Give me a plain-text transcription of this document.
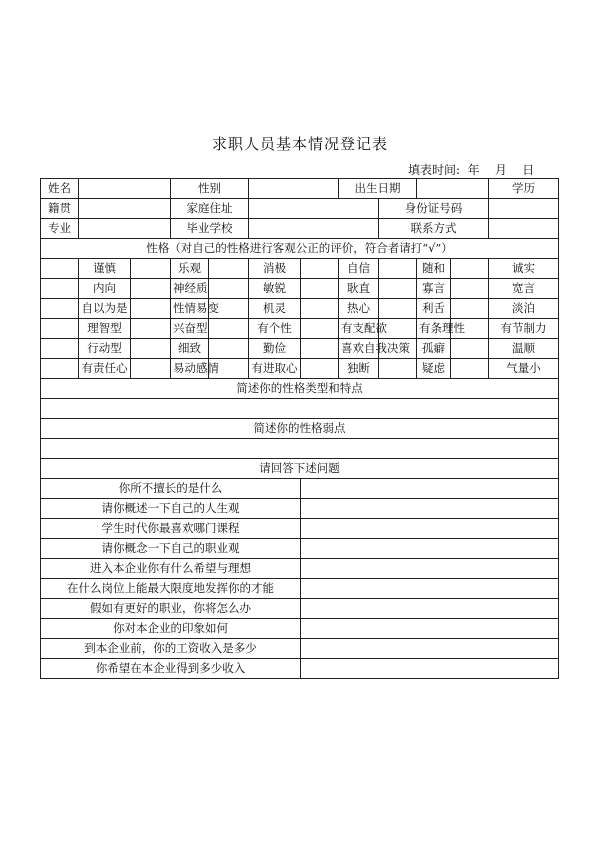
求职人员基本情况登记表
填表时间:  年    月    日
姓名			性别				出生日期				学历
籍贯			家庭住址					身份证号码			
专业			毕业学校					联系方式			
性格（对自己的性格进行客观公正的评价，符合者请打“√”）											
	谨慎		乐观		消极		自信		随和		诚实
	内向		神经质		敏锐		耿直		寡言		宽言
	自以为是		性情易变		机灵		热心		利舌		淡泊
	理智型		兴奋型		有个性		有支配欲		有条理性		有节制力
	行动型		细致		勤俭		喜欢自我决策		孤癖		温顺
	有责任心		易动感情		有进取心		独断		疑虑		气量小
简述你的性格类型和特点											

简述你的性格弱点											

请回答下述问题											
你所不擅长的是什么											
请你概述一下自己的人生观											
学生时代你最喜欢哪门课程											
请你概念一下自己的职业观											
进入本企业你有什么希望与理想											
在什么岗位上能最大限度地发挥你的才能											
假如有更好的职业，你将怎么办											
你对本企业的印象如何											
到本企业前，你的工资收入是多少											
你希望在本企业得到多少收入											
